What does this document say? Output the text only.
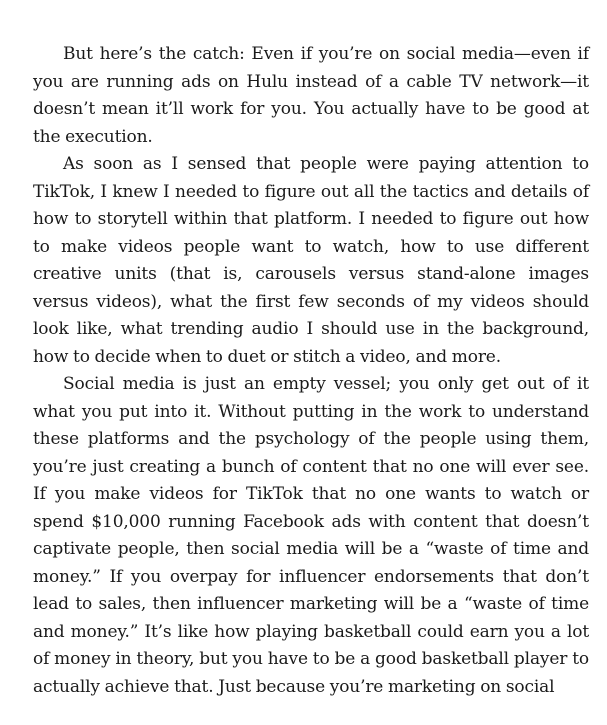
But here’s the catch: Even if you’re on social media—even if you are running ads on Hulu instead of a cable TV network—it doesn’t mean it’ll work for you. You actually have to be good at the execution.

As soon as I sensed that people were paying attention to TikTok, I knew I needed to figure out all the tactics and details of how to storytell within that platform. I needed to figure out how to make videos people want to watch, how to use different creative units (that is, carousels versus stand-alone images versus videos), what the first few seconds of my videos should look like, what trending audio I should use in the background, how to decide when to duet or stitch a video, and more.

Social media is just an empty vessel; you only get out of it what you put into it. Without putting in the work to understand these platforms and the psychology of the people using them, you’re just creating a bunch of content that no one will ever see. If you make videos for TikTok that no one wants to watch or spend $10,000 running Facebook ads with content that doesn’t captivate people, then social media will be a “waste of time and money.” If you overpay for influencer endorsements that don’t lead to sales, then influencer marketing will be a “waste of time and money.” It’s like how playing basketball could earn you a lot of money in theory, but you have to be a good basketball player to actually achieve that. Just because you’re marketing on social
